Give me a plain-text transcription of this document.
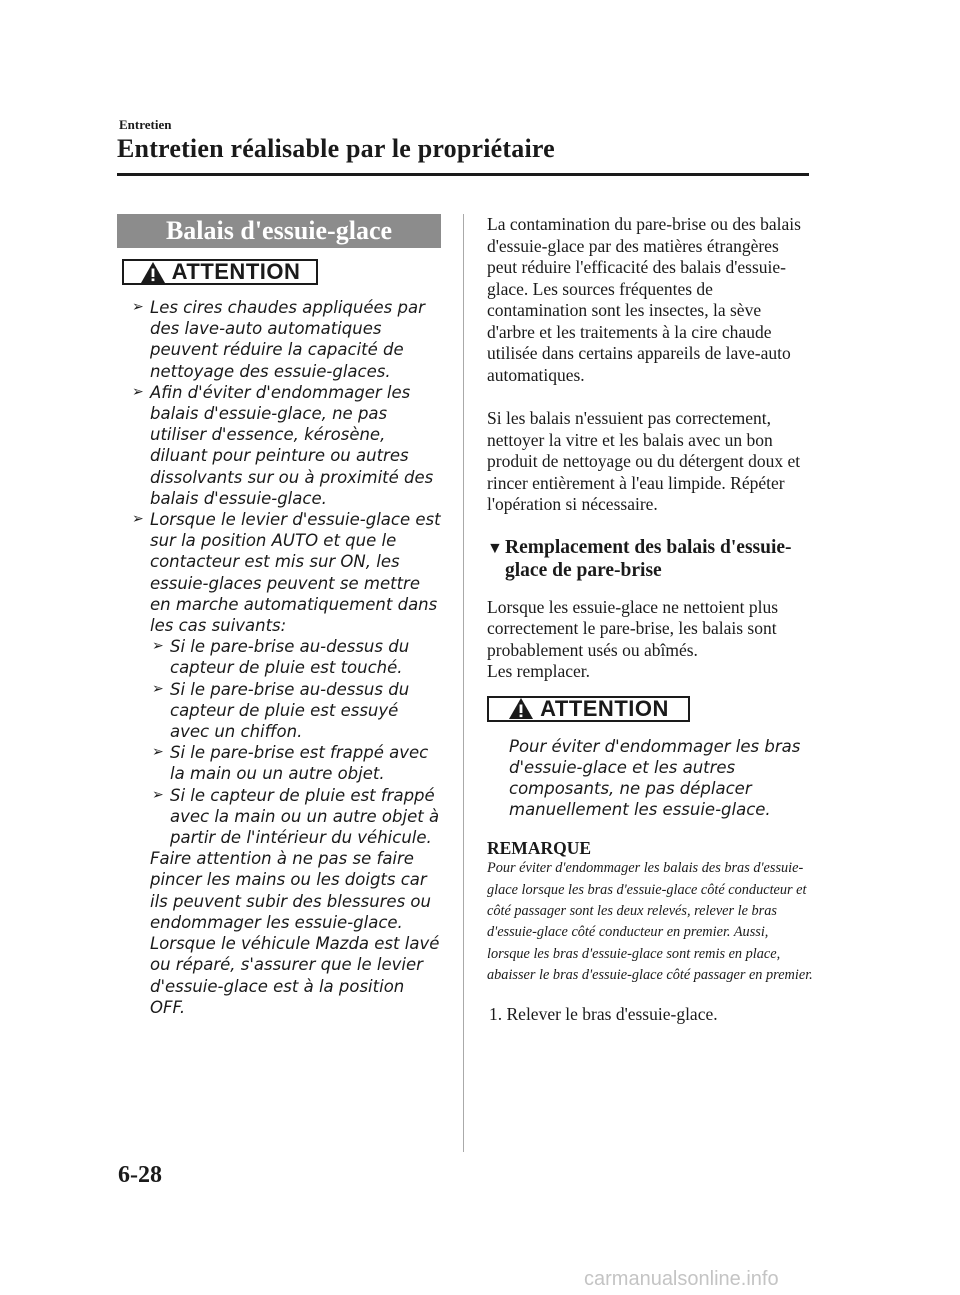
Entretien
Entretien réalisable par le propriétaire
Balais d'essuie-glace
ATTENTION
➢ Les cires chaudes appliquées par des lave-auto automatiques peuvent réduire la capacité de nettoyage des essuie-glaces.
➢ Afin d'éviter d'endommager les balais d'essuie-glace, ne pas utiliser d'essence, kérosène, diluant pour peinture ou autres dissolvants sur ou à proximité des balais d'essuie-glace.
➢ Lorsque le levier d'essuie-glace est sur la position AUTO et que le contacteur est mis sur ON, les essuie-glaces peuvent se mettre en marche automatiquement dans les cas suivants:
➢ Si le pare-brise au-dessus du capteur de pluie est touché.
➢ Si le pare-brise au-dessus du capteur de pluie est essuyé avec un chiffon.
➢ Si le pare-brise est frappé avec la main ou un autre objet.
➢ Si le capteur de pluie est frappé avec la main ou un autre objet à partir de l'intérieur du véhicule.
Faire attention à ne pas se faire pincer les mains ou les doigts car ils peuvent subir des blessures ou endommager les essuie-glace.
Lorsque le véhicule Mazda est lavé ou réparé, s'assurer que le levier d'essuie-glace est à la position OFF.
La contamination du pare-brise ou des balais d'essuie-glace par des matières étrangères peut réduire l'efficacité des balais d'essuie-glace. Les sources fréquentes de contamination sont les insectes, la sève d'arbre et les traitements à la cire chaude utilisée dans certains appareils de lave-auto automatiques.
Si les balais n'essuient pas correctement, nettoyer la vitre et les balais avec un bon produit de nettoyage ou du détergent doux et rincer entièrement à l'eau limpide. Répéter l'opération si nécessaire.
▼ Remplacement des balais d'essuie-glace de pare-brise
Lorsque les essuie-glace ne nettoient plus correctement le pare-brise, les balais sont probablement usés ou abîmés.
Les remplacer.
ATTENTION
Pour éviter d'endommager les bras d'essuie-glace et les autres composants, ne pas déplacer manuellement les essuie-glace.
REMARQUE
Pour éviter d'endommager les balais des bras d'essuie-glace lorsque les bras d'essuie-glace côté conducteur et côté passager sont les deux relevés, relever le bras d'essuie-glace côté conducteur en premier. Aussi, lorsque les bras d'essuie-glace sont remis en place, abaisser le bras d'essuie-glace côté passager en premier.
1. Relever le bras d'essuie-glace.
6-28
carmanualsonline.info
